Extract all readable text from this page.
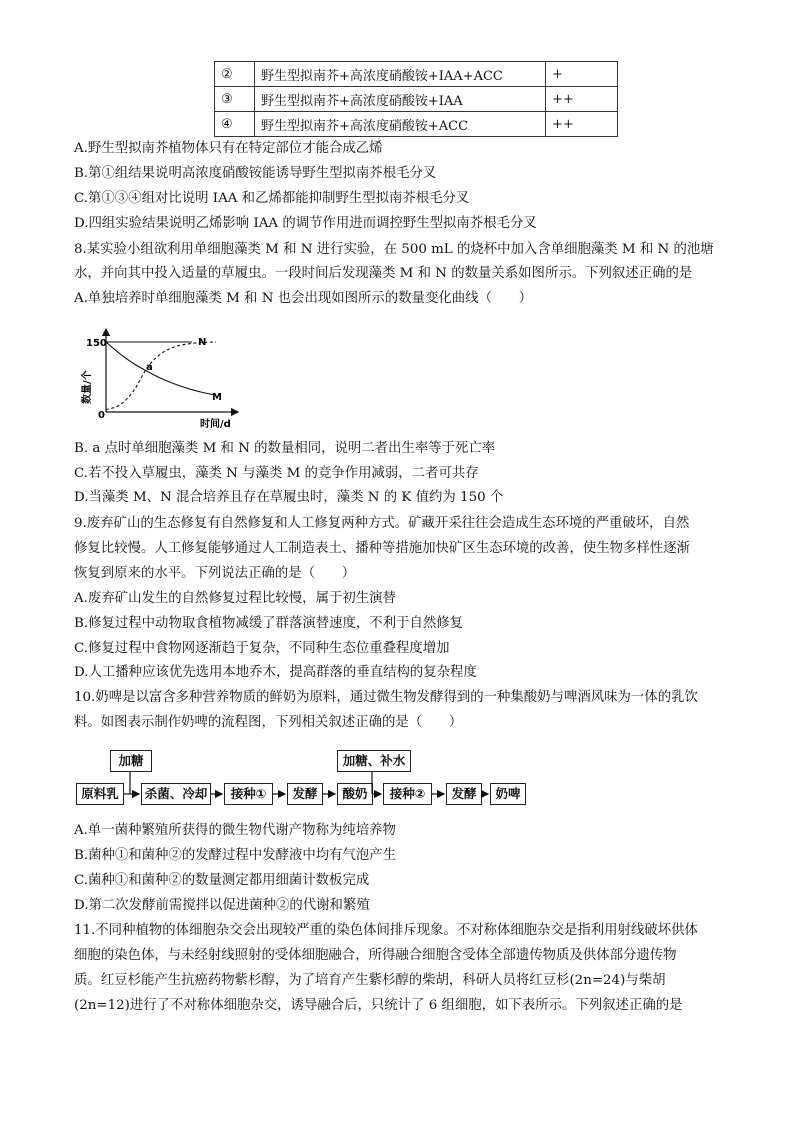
②	野生型拟南芥+高浓度硝酸铵+IAA+ACC	+
③	野生型拟南芥+高浓度硝酸铵+IAA	++
④	野生型拟南芥+高浓度硝酸铵+ACC	++
A.野生型拟南芥植物体只有在特定部位才能合成乙烯
B.第①组结果说明高浓度硝酸铵能诱导野生型拟南芥根毛分叉
C.第①③④组对比说明 IAA 和乙烯都能抑制野生型拟南芥根毛分叉
D.四组实验结果说明乙烯影响 IAA 的调节作用进而调控野生型拟南芥根毛分叉
8.某实验小组欲利用单细胞藻类 M 和 N 进行实验，在 500 mL 的烧杯中加入含单细胞藻类 M 和 N 的池塘
水，并向其中投入适量的草履虫。一段时间后发现藻类 M 和 N 的数量关系如图所示。下列叙述正确的是
A.单独培养时单细胞藻类 M 和 N 也会出现如图所示的数量变化曲线（　　）
150
0
N
M
a
时间/d
数量/个
B. a 点时单细胞藻类 M 和 N 的数量相同，说明二者出生率等于死亡率
C.若不投入草履虫，藻类 N 与藻类 M 的竞争作用减弱，二者可共存
D.当藻类 M、N 混合培养且存在草履虫时，藻类 N 的 K 值约为 150 个
9.废弃矿山的生态修复有自然修复和人工修复两种方式。矿藏开采往往会造成生态环境的严重破坏，自然
修复比较慢。人工修复能够通过人工制造表土、播种等措施加快矿区生态环境的改善，使生物多样性逐渐
恢复到原来的水平。下列说法正确的是（　　）
A.废弃矿山发生的自然修复过程比较慢，属于初生演替
B.修复过程中动物取食植物减缓了群落演替速度，不利于自然修复
C.修复过程中食物网逐渐趋于复杂，不同种生态位重叠程度增加
D.人工播种应该优先选用本地乔木，提高群落的垂直结构的复杂程度
10.奶啤是以富含多种营养物质的鲜奶为原料，通过微生物发酵得到的一种集酸奶与啤酒风味为一体的乳饮
料。如图表示制作奶啤的流程图，下列相关叙述正确的是（　　）
加糖	加糖、补水
原料乳	杀菌、冷却	接种①	发酵	酸奶	接种②	发酵	奶啤
A.单一菌种繁殖所获得的微生物代谢产物称为纯培养物
B.菌种①和菌种②的发酵过程中发酵液中均有气泡产生
C.菌种①和菌种②的数量测定都用细菌计数板完成
D.第二次发酵前需搅拌以促进菌种②的代谢和繁殖
11.不同种植物的体细胞杂交会出现较严重的染色体间排斥现象。不对称体细胞杂交是指利用射线破坏供体
细胞的染色体，与未经射线照射的受体细胞融合，所得融合细胞含受体全部遗传物质及供体部分遗传物
质。红豆杉能产生抗癌药物紫杉醇，为了培育产生紫杉醇的柴胡，科研人员将红豆杉(2n=24)与柴胡
(2n=12)进行了不对称体细胞杂交，诱导融合后，只统计了 6 组细胞，如下表所示。下列叙述正确的是
